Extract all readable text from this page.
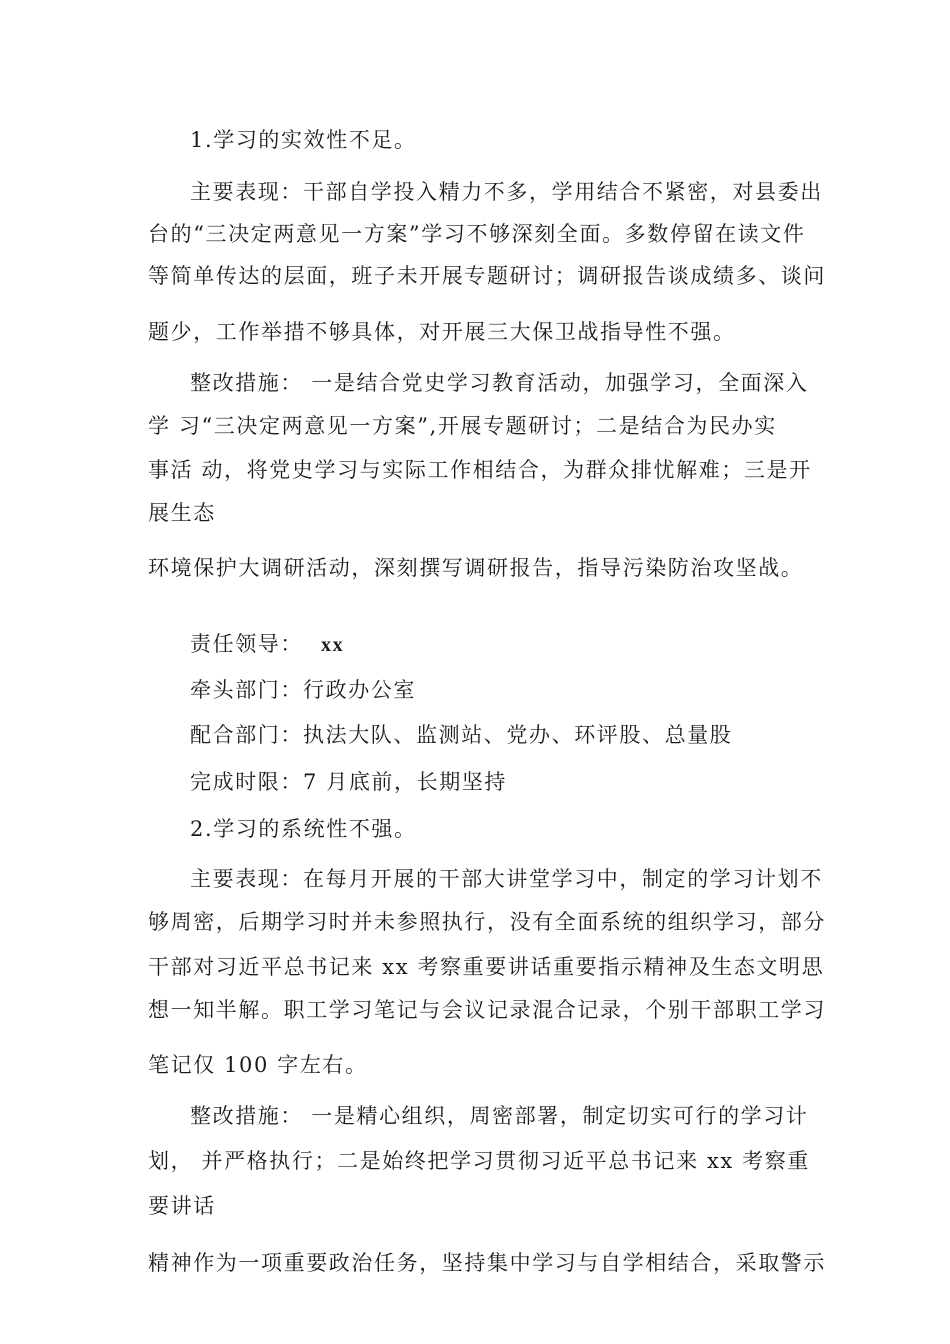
1.学习的实效性不足。
主要表现：干部自学投入精力不多，学用结合不紧密，对县委出
台的“三决定两意见一方案”学习不够深刻全面。多数停留在读文件
等简单传达的层面，班子未开展专题研讨；调研报告谈成绩多、谈问
题少，工作举措不够具体，对开展三大保卫战指导性不强。
整改措施： 一是结合党史学习教育活动，加强学习，全面深入
学 习“三决定两意见一方案”,开展专题研讨；二是结合为民办实
事活 动，将党史学习与实际工作相结合，为群众排忧解难；三是开
展生态
环境保护大调研活动，深刻撰写调研报告，指导污染防治攻坚战。
责任领导： xx
牵头部门：行政办公室
配合部门：执法大队、监测站、党办、环评股、总量股
完成时限：7 月底前，长期坚持
2.学习的系统性不强。
主要表现：在每月开展的干部大讲堂学习中，制定的学习计划不
够周密，后期学习时并未参照执行，没有全面系统的组织学习，部分
干部对习近平总书记来 xx 考察重要讲话重要指示精神及生态文明思
想一知半解。职工学习笔记与会议记录混合记录，个别干部职工学习
笔记仅 100 字左右。
整改措施： 一是精心组织，周密部署，制定切实可行的学习计
划， 并严格执行；二是始终把学习贯彻习近平总书记来 xx 考察重
要讲话
精神作为一项重要政治任务，坚持集中学习与自学相结合，采取警示
